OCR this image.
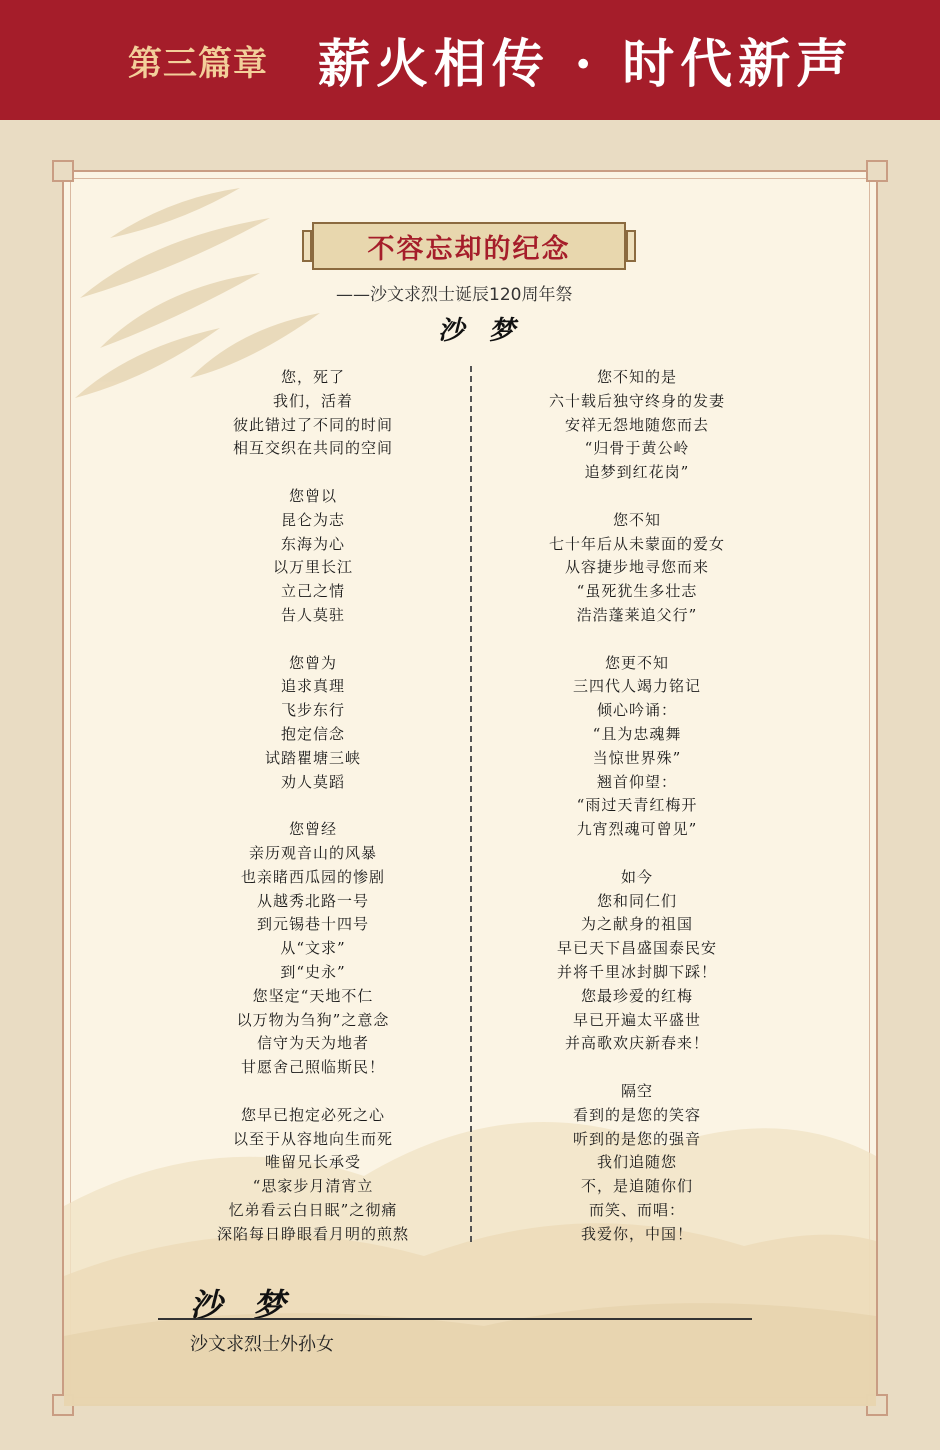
第三篇章 薪火相传 · 时代新声
不容忘却的纪念
——沙文求烈士诞辰120周年祭
沙 梦
您，死了
我们，活着
彼此错过了不同的时间
相互交织在共同的空间
您曾以
昆仑为志
东海为心
以万里长江
立己之情
告人莫驻
您曾为
追求真理
飞步东行
抱定信念
试踏瞿塘三峡
劝人莫蹈
您曾经
亲历观音山的风暴
也亲睹西瓜园的惨剧
从越秀北路一号
到元锡巷十四号
从“文求”
到“史永”
您坚定“天地不仁
以万物为刍狗”之意念
信守为天为地者
甘愿舍己照临斯民！
您早已抱定必死之心
以至于从容地向生而死
唯留兄长承受
“思家步月清宵立
忆弟看云白日眠”之彻痛
深陷每日睁眼看月明的煎熬
您不知的是
六十载后独守终身的发妻
安祥无怨地随您而去
“归骨于黄公岭
追梦到红花岗”
您不知
七十年后从未蒙面的爱女
从容捷步地寻您而来
“虽死犹生多壮志
浩浩蓬莱追父行”
您更不知
三四代人竭力铭记
倾心吟诵：
“且为忠魂舞
当惊世界殊”
翘首仰望：
“雨过天青红梅开
九宵烈魂可曾见”
如今
您和同仁们
为之献身的祖国
早已天下昌盛国泰民安
并将千里冰封脚下踩！
您最珍爱的红梅
早已开遍太平盛世
并高歌欢庆新春来！
隔空
看到的是您的笑容
听到的是您的强音
我们追随您
不，是追随你们
而笑、而唱：
我爱你，中国！
沙 梦
沙文求烈士外孙女
